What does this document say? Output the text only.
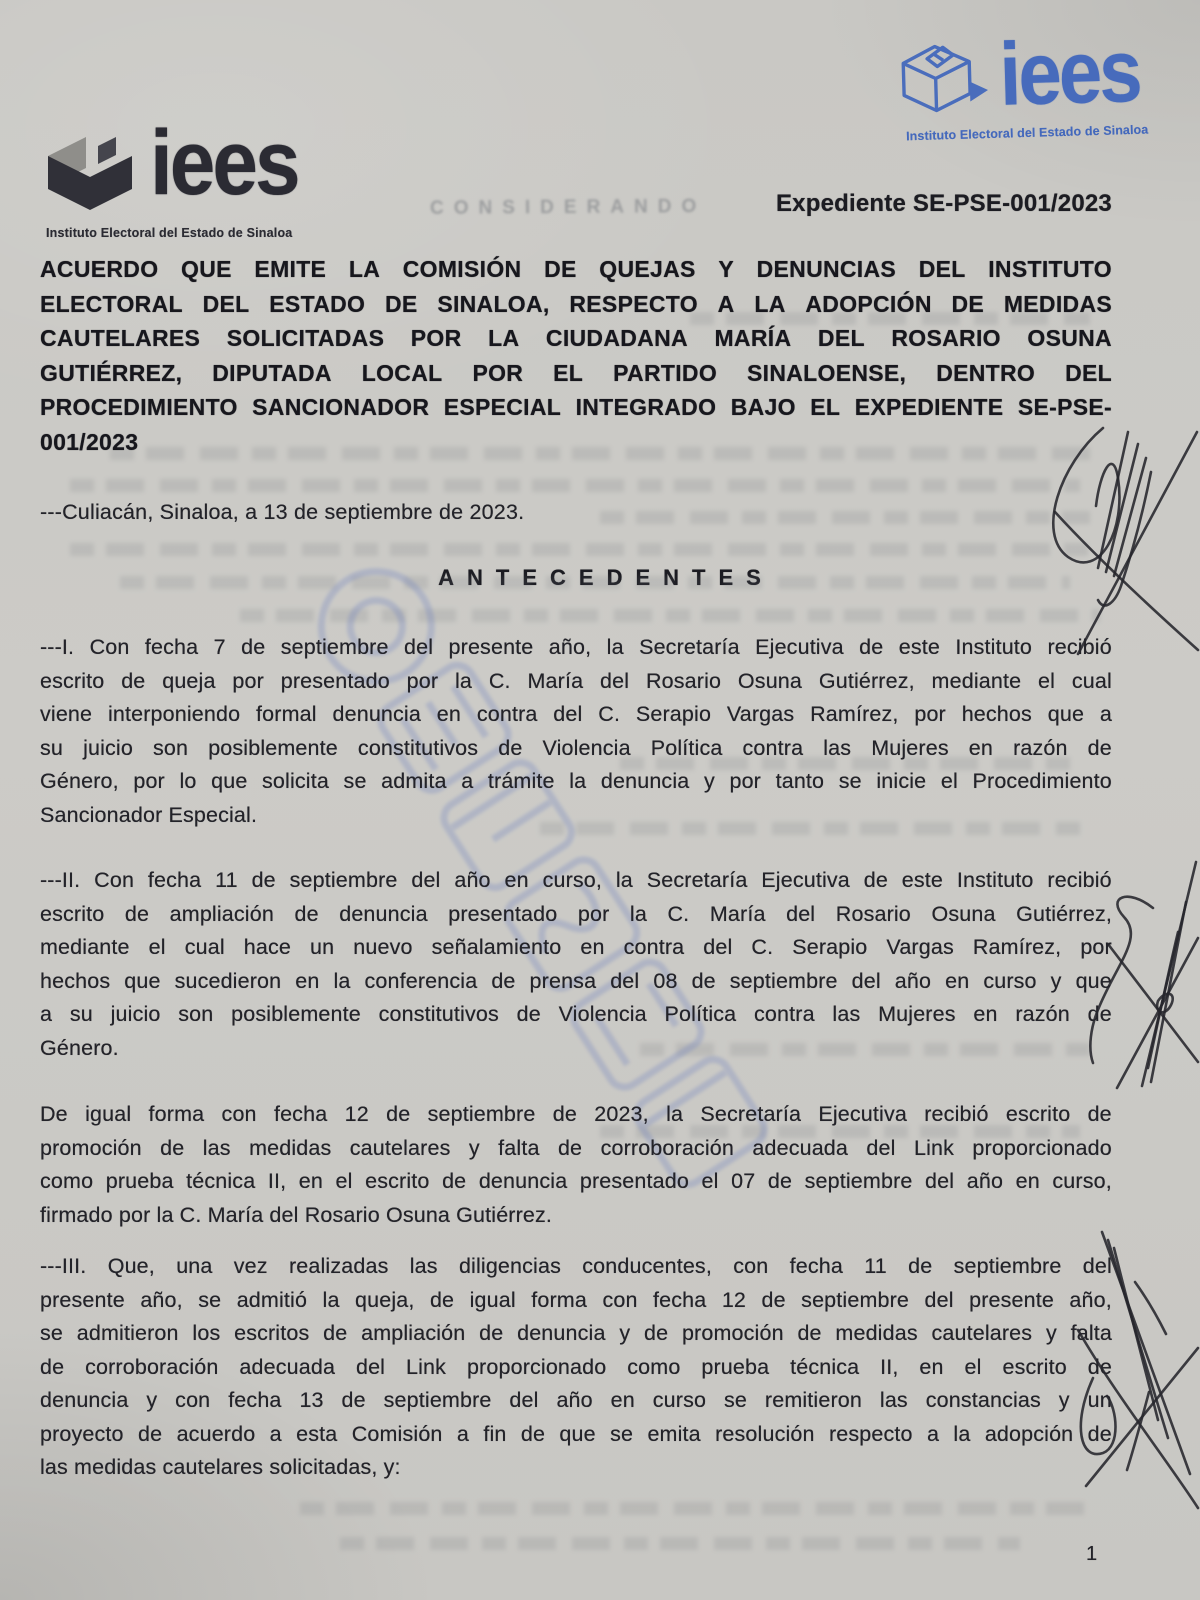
CONSIDERANDO
iees
Instituto Electoral del Estado de Sinaloa
iees
Instituto Electoral del Estado de Sinaloa
Expediente SE-PSE-001/2023
ACUERDO QUE EMITE LA COMISIÓN DE QUEJAS Y DENUNCIAS DEL INSTITUTO
ELECTORAL DEL ESTADO DE SINALOA, RESPECTO A LA ADOPCIÓN DE MEDIDAS
CAUTELARES SOLICITADAS POR LA CIUDADANA MARÍA DEL ROSARIO OSUNA
GUTIÉRREZ, DIPUTADA LOCAL POR EL PARTIDO SINALOENSE, DENTRO DEL
PROCEDIMIENTO SANCIONADOR ESPECIAL INTEGRADO BAJO EL EXPEDIENTE SE-PSE-
001/2023
---Culiacán, Sinaloa, a 13 de septiembre de 2023.
ANTECEDENTES
---I. Con fecha 7 de septiembre del presente año, la Secretaría Ejecutiva de este Instituto recibió
escrito de queja por presentado por la C. María del Rosario Osuna Gutiérrez, mediante el cual
viene interponiendo formal denuncia en contra del C. Serapio Vargas Ramírez, por hechos que a
su juicio son posiblemente constitutivos de Violencia Política contra las Mujeres en razón de
Género, por lo que solicita se admita a trámite la denuncia y por tanto se inicie el Procedimiento
Sancionador Especial.
---II. Con fecha 11 de septiembre del año en curso, la Secretaría Ejecutiva de este Instituto recibió
escrito de ampliación de denuncia presentado por la C. María del Rosario Osuna Gutiérrez,
mediante el cual hace un nuevo señalamiento en contra del C. Serapio Vargas Ramírez, por
hechos que sucedieron en la conferencia de prensa del 08 de septiembre del año en curso y que
a su juicio son posiblemente constitutivos de Violencia Política contra las Mujeres en razón de
Género.
De igual forma con fecha 12 de septiembre de 2023, la Secretaría Ejecutiva recibió escrito de
promoción de las medidas cautelares y falta de corroboración adecuada del Link proporcionado
como prueba técnica II, en el escrito de denuncia presentado el 07 de septiembre del año en curso,
firmado por la C. María del Rosario Osuna Gutiérrez.
---III. Que, una vez realizadas las diligencias conducentes, con fecha 11 de septiembre del
presente año, se admitió la queja, de igual forma con fecha 12 de septiembre del presente año,
se admitieron los escritos de ampliación de denuncia y de promoción de medidas cautelares y falta
de corroboración adecuada del Link proporcionado como prueba técnica II, en el escrito de
denuncia y con fecha 13 de septiembre del año en curso se remitieron las constancias y un
proyecto de acuerdo a esta Comisión a fin de que se emita resolución respecto a la adopción de
las medidas cautelares solicitadas, y:
1
